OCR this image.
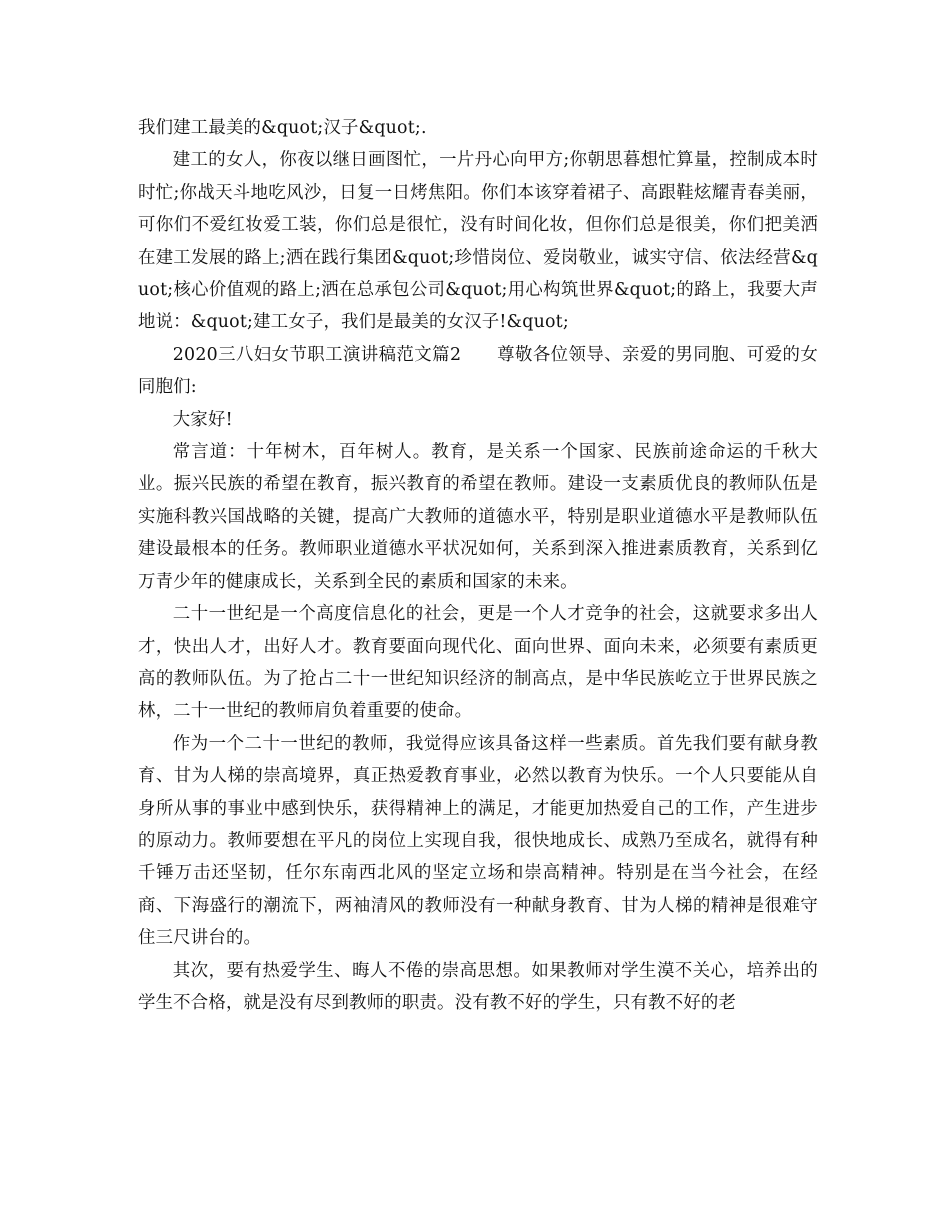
我们建工最美的&quot;汉子&quot;.

建工的女人，你夜以继日画图忙，一片丹心向甲方;你朝思暮想忙算量，控制成本时时忙;你战天斗地吃风沙，日复一日烤焦阳。你们本该穿着裙子、高跟鞋炫耀青春美丽，可你们不爱红妆爱工装，你们总是很忙，没有时间化妆，但你们总是很美，你们把美洒在建工发展的路上;洒在践行集团&quot;珍惜岗位、爱岗敬业，诚实守信、依法经营&quot;核心价值观的路上;洒在总承包公司&quot;用心构筑世界&quot;的路上，我要大声地说：&quot;建工女子，我们是最美的女汉子!&quot;

2020三八妇女节职工演讲稿范文篇2　　尊敬各位领导、亲爱的男同胞、可爱的女同胞们:

大家好!

常言道：十年树木，百年树人。教育，是关系一个国家、民族前途命运的千秋大业。振兴民族的希望在教育，振兴教育的希望在教师。建设一支素质优良的教师队伍是实施科教兴国战略的关键，提高广大教师的道德水平，特别是职业道德水平是教师队伍建设最根本的任务。教师职业道德水平状况如何，关系到深入推进素质教育，关系到亿万青少年的健康成长，关系到全民的素质和国家的未来。

二十一世纪是一个高度信息化的社会，更是一个人才竞争的社会，这就要求多出人才，快出人才，出好人才。教育要面向现代化、面向世界、面向未来，必须要有素质更高的教师队伍。为了抢占二十一世纪知识经济的制高点，是中华民族屹立于世界民族之林，二十一世纪的教师肩负着重要的使命。

作为一个二十一世纪的教师，我觉得应该具备这样一些素质。首先我们要有献身教育、甘为人梯的崇高境界，真正热爱教育事业，必然以教育为快乐。一个人只要能从自身所从事的事业中感到快乐，获得精神上的满足，才能更加热爱自己的工作，产生进步的原动力。教师要想在平凡的岗位上实现自我，很快地成长、成熟乃至成名，就得有种千锤万击还坚韧，任尔东南西北风的坚定立场和崇高精神。特别是在当今社会，在经商、下海盛行的潮流下，两袖清风的教师没有一种献身教育、甘为人梯的精神是很难守住三尺讲台的。

其次，要有热爱学生、晦人不倦的崇高思想。如果教师对学生漠不关心，培养出的学生不合格，就是没有尽到教师的职责。没有教不好的学生，只有教不好的老
